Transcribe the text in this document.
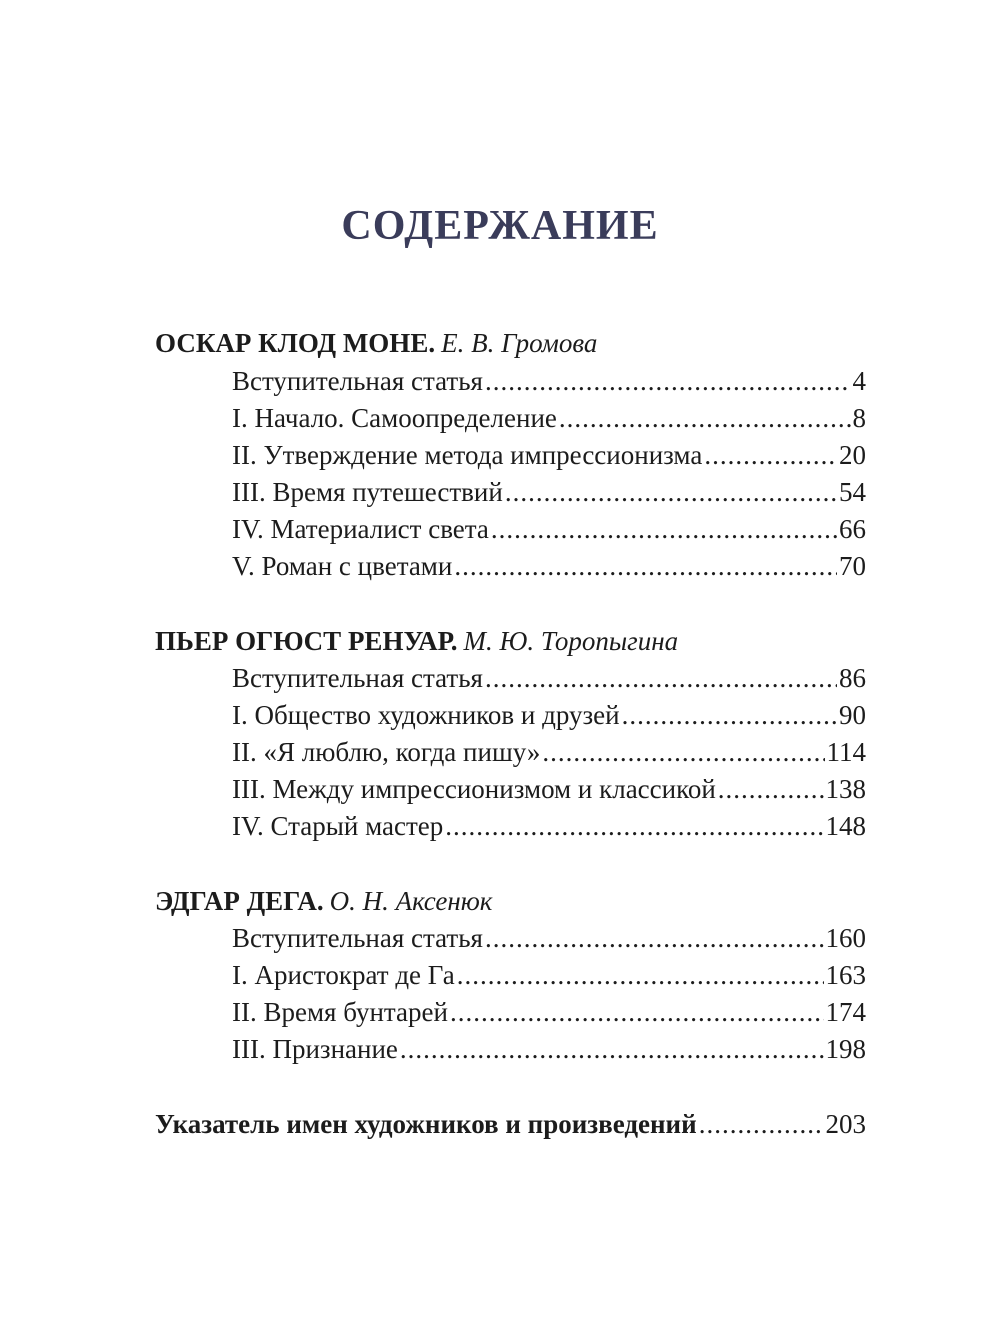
СОДЕРЖАНИЕ
ОСКАР КЛОД МОНЕ. Е. В. Громова
Вступительная статья .....	4
I. Начало. Самоопределение .....	8
II. Утверждение метода импрессионизма .....	20
III. Время путешествий .....	54
IV. Материалист света .....	66
V. Роман с цветами .....	70
ПЬЕР ОГЮСТ РЕНУАР. М. Ю. Торопыгина
Вступительная статья .....	86
I. Общество художников и друзей .....	90
II. «Я люблю, когда пишу» .....	114
III. Между импрессионизмом и классикой .....	138
IV. Старый мастер .....	148
ЭДГАР ДЕГА. О. Н. Аксенюк
Вступительная статья .....	160
I. Аристократ де Га .....	163
II. Время бунтарей .....	174
III. Признание .....	198
Указатель имен художников и произведений .....	203
